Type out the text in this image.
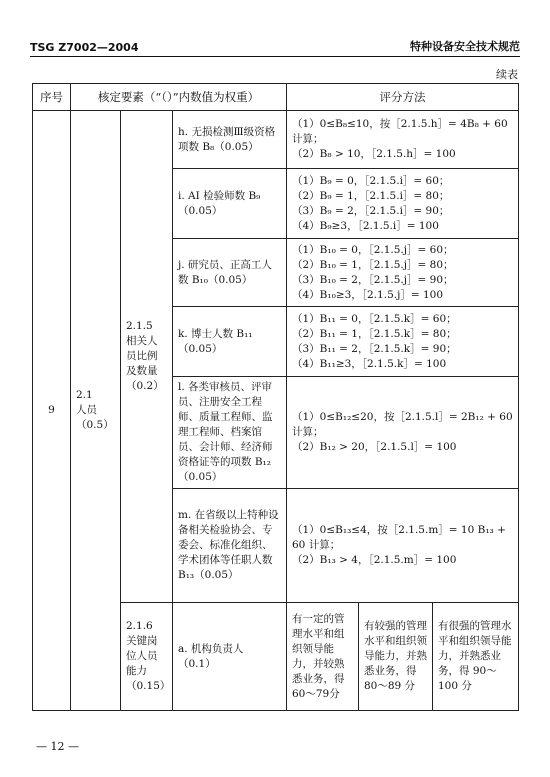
TSG Z7002—2004	特种设备安全技术规范
续表
序号	核定要素（“（）”内数值为权重）			评分方法		
9	2.1
人员
（0.5）	2.1.5
相关人
员比例
及数量
（0.2）	h. 无损检测Ⅲ级资格项数 B₈（0.05）	（1）0≤B₈≤10，按［2.1.5.h］= 4B₈ + 60 计算；
（2）B₈ > 10，［2.1.5.h］= 100		
			i. AI 检验师数 B₉（0.05）	（1）B₉ = 0，［2.1.5.i］= 60；
（2）B₉ = 1，［2.1.5.i］= 80；
（3）B₉ = 2，［2.1.5.i］= 90；
（4）B₉≥3，［2.1.5.i］= 100		
			j. 研究员、正高工人数 B₁₀（0.05）	（1）B₁₀ = 0，［2.1.5.j］= 60；
（2）B₁₀ = 1，［2.1.5.j］= 80；
（3）B₁₀ = 2，［2.1.5.j］= 90；
（4）B₁₀≥3，［2.1.5.j］= 100		
			k. 博士人数 B₁₁（0.05）	（1）B₁₁ = 0，［2.1.5.k］= 60；
（2）B₁₁ = 1，［2.1.5.k］= 80；
（3）B₁₁ = 2，［2.1.5.k］= 90；
（4）B₁₁≥3，［2.1.5.k］= 100		
			l. 各类审核员、评审员、注册安全工程师、质量工程师、监理工程师、档案馆员、会计师、经济师资格证等的项数 B₁₂（0.05）	（1）0≤B₁₂≤20，按［2.1.5.l］= 2B₁₂ + 60 计算；
（2）B₁₂ > 20，［2.1.5.l］= 100		
			m. 在省级以上特种设备相关检验协会、专委会、标准化组织、学术团体等任职人数 B₁₃（0.05）	（1）0≤B₁₃≤4，按［2.1.5.m］= 10 B₁₃ + 60 计算；
（2）B₁₃ > 4，［2.1.5.m］= 100		
		2.1.6
关键岗
位人员
能力
（0.15）	a. 机构负责人
（0.1）	有一定的管理水平和组织领导能力，并较熟悉业务，得60～79分	有较强的管理水平和组织领导能力，并熟悉业务，得 80～89 分	有很强的管理水平和组织领导能力，并熟悉业务，得 90～100 分
— 12 —
